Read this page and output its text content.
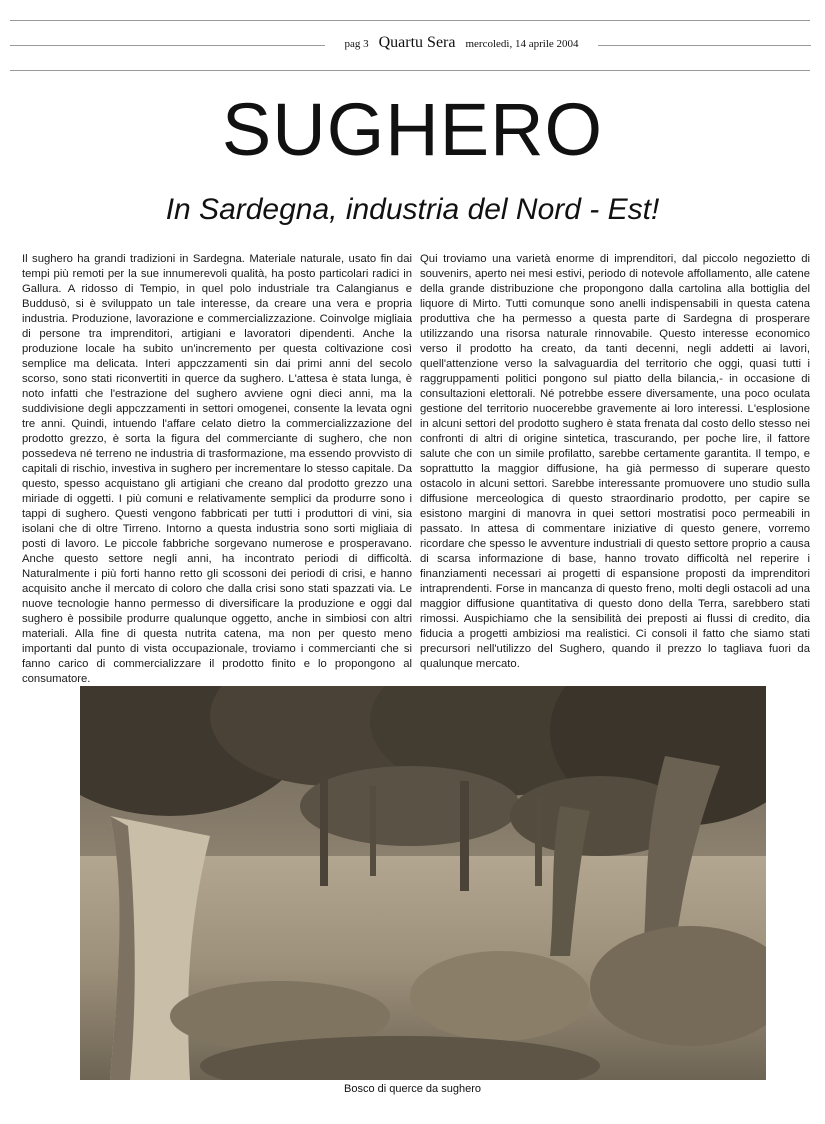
pag 3 Quartu Sera mercoledì, 14 aprile 2004
SUGHERO
In Sardegna, industria del Nord - Est!
Il sughero ha grandi tradizioni in Sardegna. Materiale naturale, usato fin dai tempi più remoti per la sue innumerevoli qualità, ha posto particolari radici in Gallura. A ridosso di Tempio, in quel polo industriale tra Calangianus e Buddusò, si è sviluppato un tale interesse, da creare una vera e propria industria. Produzione, lavorazione e commercializzazione. Coinvolge migliaia di persone tra imprenditori, artigiani e lavoratori dipendenti. Anche la produzione locale ha subito un'incremento per questa coltivazione così semplice ma delicata. Interi appczzamenti sin dai primi anni del secolo scorso, sono stati riconvertiti in querce da sughero. L'attesa è stata lunga, è noto infatti che l'estrazione del sughero avviene ogni dieci anni, ma la suddivisione degli appczzamenti in settori omogenei, consente la levata ogni tre anni. Quindi, intuendo l'affare celato dietro la commercializzazione del prodotto grezzo, è sorta la figura del commerciante di sughero, che non possedeva né terreno ne industria di trasformazione, ma essendo provvisto di capitali di rischio, investiva in sughero per incrementare lo stesso capitale. Da questo, spesso acquistano gli artigiani che creano dal prodotto grezzo una miriade di oggetti. I più comuni e relativamente semplici da produrre sono i tappi di sughero. Questi vengono fabbricati per tutti i produttori di vini, sia isolani che di oltre Tirreno. Intorno a questa industria sono sorti migliaia di posti di lavoro. Le piccole fabbriche sorgevano numerose e prosperavano. Anche questo settore negli anni, ha incontrato periodi di difficoltà. Naturalmente i più forti hanno retto gli scossoni dei periodi di crisi, e hanno acquisito anche il mercato di coloro che dalla crisi sono stati spazzati via. Le nuove tecnologie hanno permesso di diversificare la produzione e oggi dal sughero è possibile produrre qualunque oggetto, anche in simbiosi con altri materiali. Alla fine di questa nutrita catena, ma non per questo meno importanti dal punto di vista occupazionale, troviamo i commercianti che si fanno carico di commercializzare il prodotto finito e lo propongono al consumatore.
Qui troviamo una varietà enorme di imprenditori, dal piccolo negozietto di souvenirs, aperto nei mesi estivi, periodo di notevole affollamento, alle catene della grande distribuzione che propongono dalla cartolina alla bottiglia del liquore di Mirto. Tutti comunque sono anelli indispensabili in questa catena produttiva che ha permesso a questa parte di Sardegna di prosperare utilizzando una risorsa naturale rinnovabile. Questo interesse economico verso il prodotto ha creato, da tanti decenni, negli addetti ai lavori, quell'attenzione verso la salvaguardia del territorio che oggi, quasi tutti i raggruppamenti politici pongono sul piatto della bilancia,- in occasione di consultazioni elettorali. Né potrebbe essere diversamente, una poco oculata gestione del territorio nuocerebbe gravemente ai loro interessi. L'esplosione in alcuni settori del prodotto sughero è stata frenata dal costo dello stesso nei confronti di altri di origine sintetica, trascurando, per poche lire, il fattore salute che con un simile profilatto, sarebbe certamente garantita. Il tempo, e soprattutto la maggior diffusione, ha già permesso di superare questo ostacolo in alcuni settori. Sarebbe interessante promuovere uno studio sulla diffusione merceologica di questo straordinario prodotto, per capire se esistono margini di manovra in quei settori mostratisi poco permeabili in passato. In attesa di commentare iniziative di questo genere, vorremo ricordare che spesso le avventure industriali di questo settore proprio a causa di scarsa informazione di base, hanno trovato difficoltà nel reperire i finanziamenti necessari ai progetti di espansione proposti da imprenditori intraprendenti. Forse in mancanza di questo freno, molti degli ostacoli ad una maggior diffusione quantitativa di questo dono della Terra, sarebbero stati rimossi. Auspichiamo che la sensibilità dei preposti ai flussi di credito, dia fiducia a progetti ambiziosi ma realistici. Ci consoli il fatto che siamo stati precursori nell'utilizzo del Sughero, quando il prezzo lo tagliava fuori da qualunque mercato.
Bosco di querce da sughero
